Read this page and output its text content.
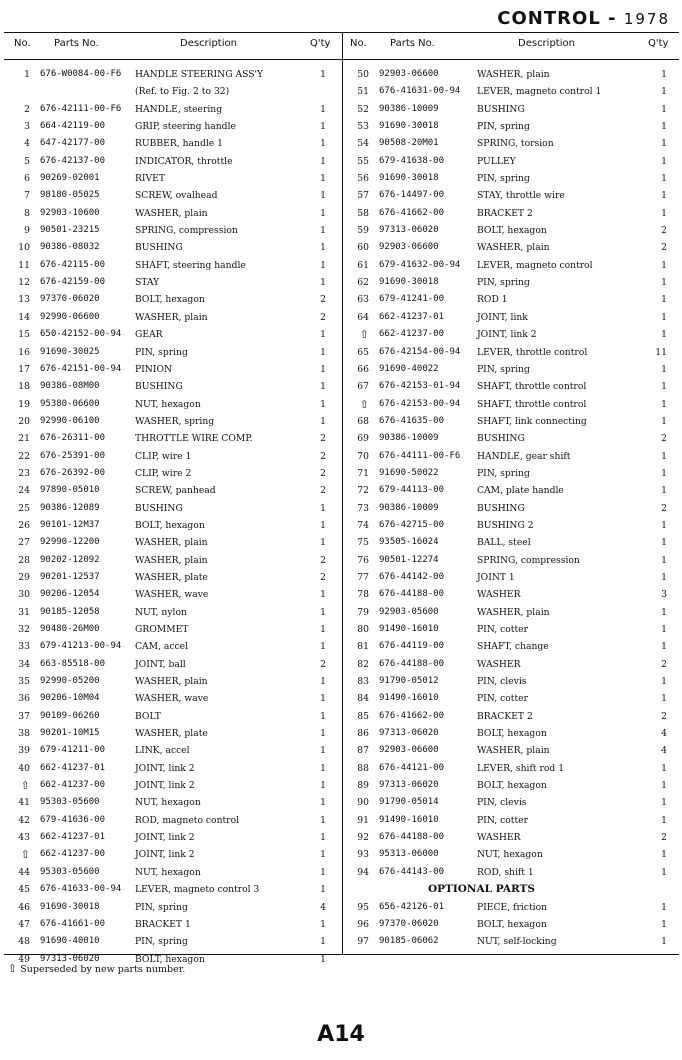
CONTROL - 1978
No. Parts No.	Description	Q'ty No. Parts No.	Description	Q'ty
1 676-W0084-00-F6 HANDLE STEERING ASS'Y	1
(Ref. to Fig. 2 to 32)
2 676-42111-00-F6 HANDLE, steering	1
3 664-42119-00	GRIP, steering handle	1
4 647-42177-00	RUBBER, handle 1	1
5 676-42137-00	INDICATOR, throttle	1
6 90269-02001	RIVET	1
7 98180-05025	SCREW, ovalhead	1
8 92903-10600	WASHER, plain	1
9 90501-23215	SPRING, compression	1
10 90386-08032	BUSHING	1
11 676-42115-00	SHAFT, steering handle	1
12 676-42159-00	STAY	1
13 97370-06020	BOLT, hexagon	2
14 92990-06600	WASHER, plain	2
15 650-42152-00-94 GEAR	1
16 91690-30025	PIN, spring	1
17 676-42151-00-94 PINION	1
18 90386-08M00	BUSHING	1
19 95380-06600	NUT, hexagon	1
20 92990-06100	WASHER, spring	1
21 676-26311-00	THROTTLE WIRE COMP.	2
22 676-25391-00	CLIP, wire 1	2
23 676-26392-00	CLIP, wire 2	2
24 97890-05010	SCREW, panhead	2
25 90386-12089	BUSHING	1
26 90101-12M37	BOLT, hexagon	1
27 92990-12200	WASHER, plain	1
28 90202-12092	WASHER, plain	2
29 90201-12537	WASHER, plate	2
30 90206-12054	WASHER, wave	1
31 90185-12058	NUT, nylon	1
32 90480-26M00	GROMMET	1
33 679-41213-00-94 CAM, accel	1
34 663-85518-00	JOINT, ball	2
35 92990-05200	WASHER, plain	1
36 90206-10M04	WASHER, wave	1
37 90109-06260	BOLT	1
38 90201-10M15	WASHER, plate	1
39 679-41211-00	LINK, accel	1
40 662-41237-01	JOINT, link 2	1
⇧ 662-41237-00	JOINT, link 2	1
41 95303-05600	NUT, hexagon	1
42 679-41636-00	ROD, magneto control	1
43 662-41237-01	JOINT, link 2	1
⇧ 662-41237-00	JOINT, link 2	1
44 95303-05600	NUT, hexagon	1
45 676-41633-00-94 LEVER, magneto control 3	1
46 91690-30018	PIN, spring	4
47 676-41661-00	BRACKET 1	1
48 91690-40010	PIN, spring	1
49 97313-06020	BOLT, hexagon	1
50 92903-06600	WASHER, plain	1
51 676-41631-00-94 LEVER, magneto control 1	1
52 90386-10009	BUSHING	1
53 91690-30018	PIN, spring	1
54 90508-20M01	SPRING, torsion	1
55 679-41638-00	PULLEY	1
56 91690-30018	PIN, spring	1
57 676-14497-00	STAY, throttle wire	1
58 676-41662-00	BRACKET 2	1
59 97313-06020	BOLT, hexagon	2
60 92903-06600	WASHER, plain	2
61 679-41632-00-94 LEVER, magneto control	1
62 91690-30018	PIN, spring	1
63 679-41241-00	ROD 1	1
64 662-41237-01	JOINT, link	1
⇧ 662-41237-00	JOINT, link 2	1
65 676-42154-00-94 LEVER, throttle control	11
66 91690-40022	PIN, spring	1
67 676-42153-01-94 SHAFT, throttle control	1
⇧ 676-42153-00-94 SHAFT, throttle control	1
68 676-41635-00	SHAFT, link connecting	1
69 90386-10009	BUSHING	2
70 676-44111-00-F6 HANDLE, gear shift	1
71 91690-50022	PIN, spring	1
72 679-44113-00	CAM, plate handle	1
73 90386-10009	BUSHING	2
74 676-42715-00	BUSHING 2	1
75 93505-16024	BALL, steel	1
76 90501-12274	SPRING, compression	1
77 676-44142-00	JOINT 1	1
78 676-44188-00	WASHER	3
79 92903-05600	WASHER, plain	1
80 91490-16010	PIN, cotter	1
81 676-44119-00	SHAFT, change	1
82 676-44188-00	WASHER	2
83 91790-05012	PIN, clevis	1
84 91490-16010	PIN, cotter	1
85 676-41662-00	BRACKET 2	2
86 97313-06020	BOLT, hexagon	4
87 92903-06600	WASHER, plain	4
88 676-44121-00	LEVER, shift rod 1	1
89 97313-06020	BOLT, hexagon	1
90 91790-05014	PIN, clevis	1
91 91490-16010	PIN, cotter	1
92 676-44188-00	WASHER	2
93 95313-06000	NUT, hexagon	1
94 676-44143-00	ROD, shift 1	1
OPTIONAL PARTS
95 656-42126-01	PIECE, friction	1
96 97370-06020	BOLT, hexagon	1
97 90185-06062	NUT, self-locking	1
⇧ Superseded by new parts number.
A14
